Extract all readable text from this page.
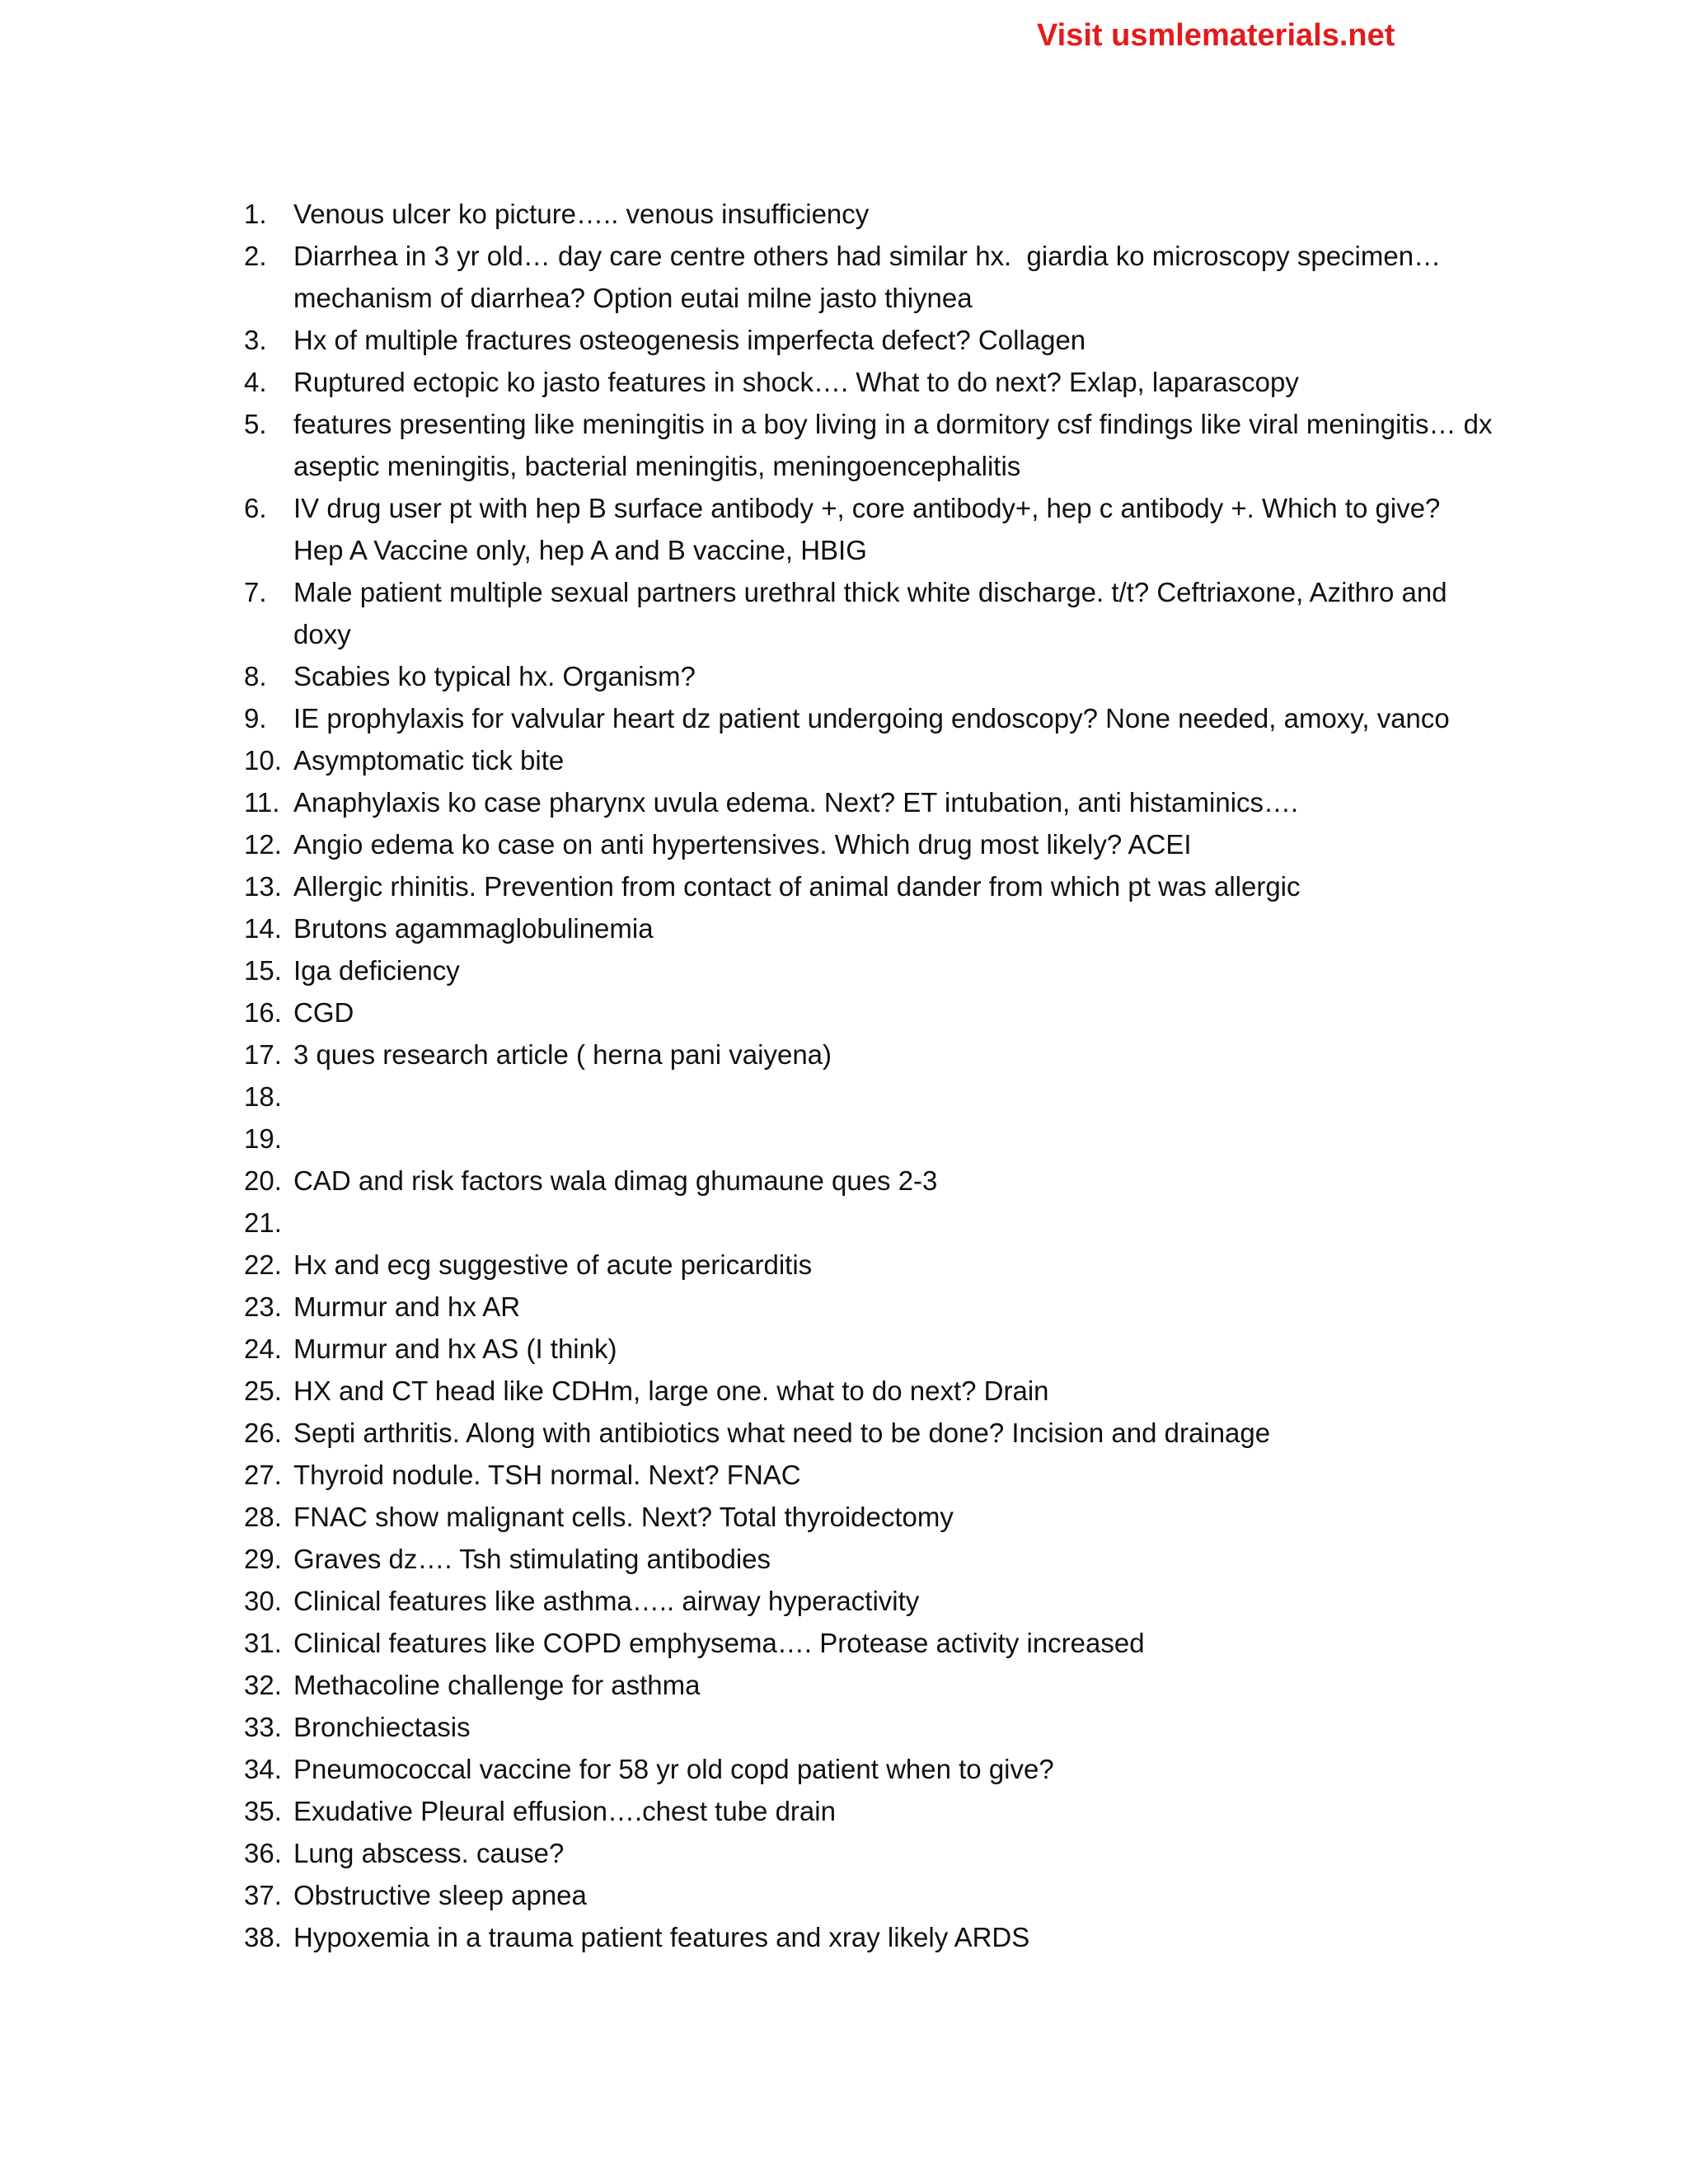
Visit usmlematerials.net
1. Venous ulcer ko picture….. venous insufficiency
2. Diarrhea in 3 yr old… day care centre others had similar hx.  giardia ko microscopy specimen… mechanism of diarrhea? Option eutai milne jasto thiynea
3. Hx of multiple fractures osteogenesis imperfecta defect? Collagen
4. Ruptured ectopic ko jasto features in shock…. What to do next? Exlap, laparascopy
5. features presenting like meningitis in a boy living in a dormitory csf findings like viral meningitis… dx aseptic meningitis, bacterial meningitis, meningoencephalitis
6. IV drug user pt with hep B surface antibody +, core antibody+, hep c antibody +. Which to give? Hep A Vaccine only, hep A and B vaccine, HBIG
7. Male patient multiple sexual partners urethral thick white discharge. t/t? Ceftriaxone, Azithro and doxy
8. Scabies ko typical hx. Organism?
9. IE prophylaxis for valvular heart dz patient undergoing endoscopy? None needed, amoxy, vanco
10. Asymptomatic tick bite
11. Anaphylaxis ko case pharynx uvula edema. Next? ET intubation, anti histaminics….
12. Angio edema ko case on anti hypertensives. Which drug most likely? ACEI
13. Allergic rhinitis. Prevention from contact of animal dander from which pt was allergic
14. Brutons agammaglobulinemia
15. Iga deficiency
16. CGD
17. 3 ques research article ( herna pani vaiyena)
18.
19.
20. CAD and risk factors wala dimag ghumaune ques 2-3
21.
22. Hx and ecg suggestive of acute pericarditis
23. Murmur and hx AR
24. Murmur and hx AS (I think)
25. HX and CT head like CDHm, large one. what to do next? Drain
26. Septi arthritis. Along with antibiotics what need to be done? Incision and drainage
27. Thyroid nodule. TSH normal. Next? FNAC
28. FNAC show malignant cells. Next? Total thyroidectomy
29. Graves dz…. Tsh stimulating antibodies
30. Clinical features like asthma….. airway hyperactivity
31. Clinical features like COPD emphysema…. Protease activity increased
32. Methacoline challenge for asthma
33. Bronchiectasis
34. Pneumococcal vaccine for 58 yr old copd patient when to give?
35. Exudative Pleural effusion….chest tube drain
36. Lung abscess. cause?
37. Obstructive sleep apnea
38. Hypoxemia in a trauma patient features and xray likely ARDS
